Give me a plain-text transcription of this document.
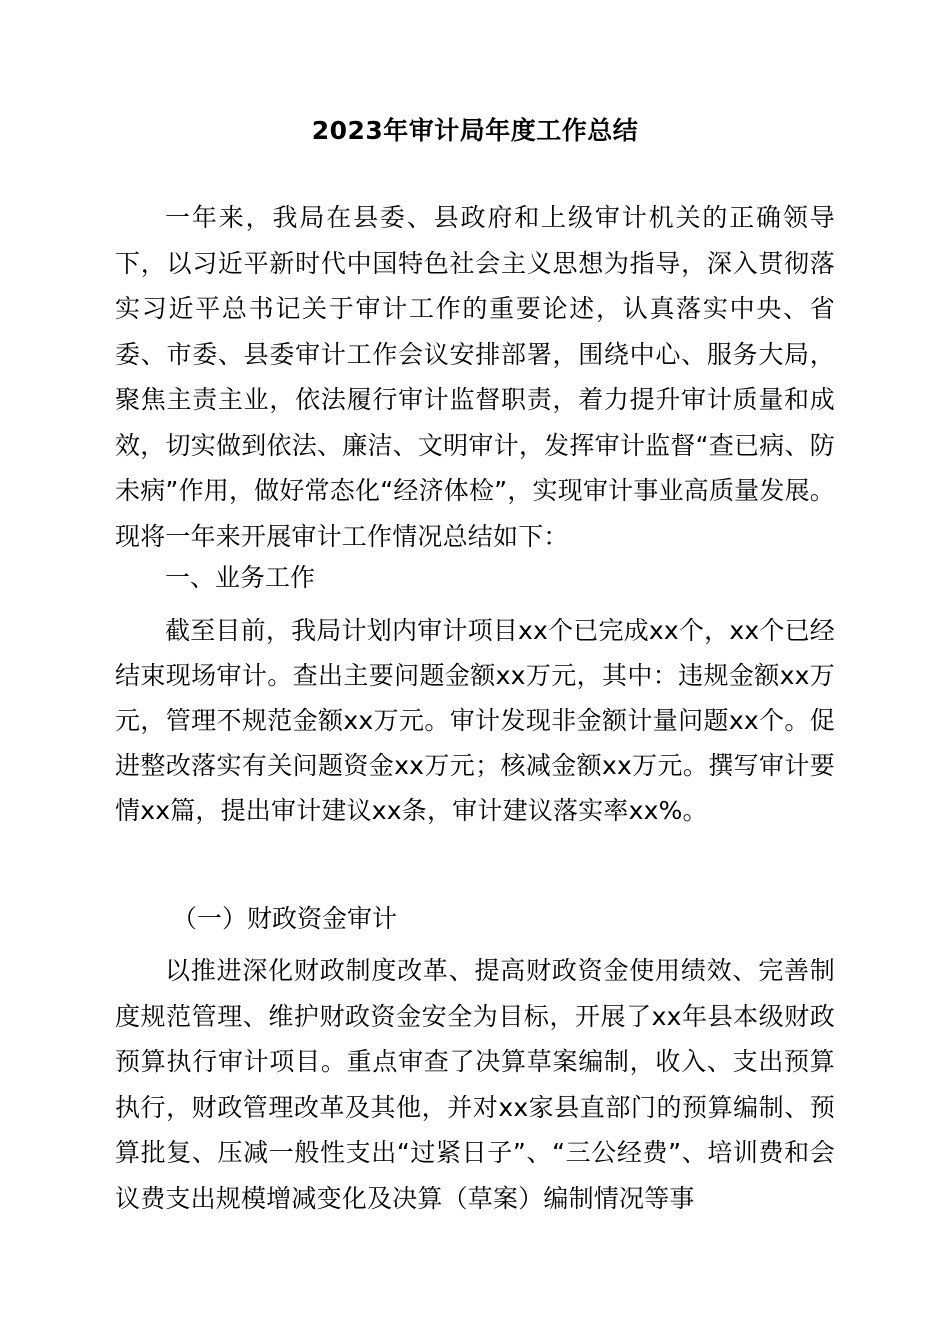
2023年审计局年度工作总结

一年来，我局在县委、县政府和上级审计机关的正确领导下，以习近平新时代中国特色社会主义思想为指导，深入贯彻落实习近平总书记关于审计工作的重要论述，认真落实中央、省委、市委、县委审计工作会议安排部署，围绕中心、服务大局，聚焦主责主业，依法履行审计监督职责，着力提升审计质量和成效，切实做到依法、廉洁、文明审计，发挥审计监督“查已病、防未病”作用，做好常态化“经济体检”，实现审计事业高质量发展。现将一年来开展审计工作情况总结如下：

一、业务工作

截至目前，我局计划内审计项目xx个已完成xx个，xx个已经结束现场审计。查出主要问题金额xx万元，其中：违规金额xx万元，管理不规范金额xx万元。审计发现非金额计量问题xx个。促进整改落实有关问题资金xx万元；核减金额xx万元。撰写审计要情xx篇，提出审计建议xx条，审计建议落实率xx%。

（一）财政资金审计

以推进深化财政制度改革、提高财政资金使用绩效、完善制度规范管理、维护财政资金安全为目标，开展了xx年县本级财政预算执行审计项目。重点审查了决算草案编制，收入、支出预算执行，财政管理改革及其他，并对xx家县直部门的预算编制、预算批复、压减一般性支出“过紧日子”、“三公经费”、培训费和会议费支出规模增减变化及决算（草案）编制情况等事
